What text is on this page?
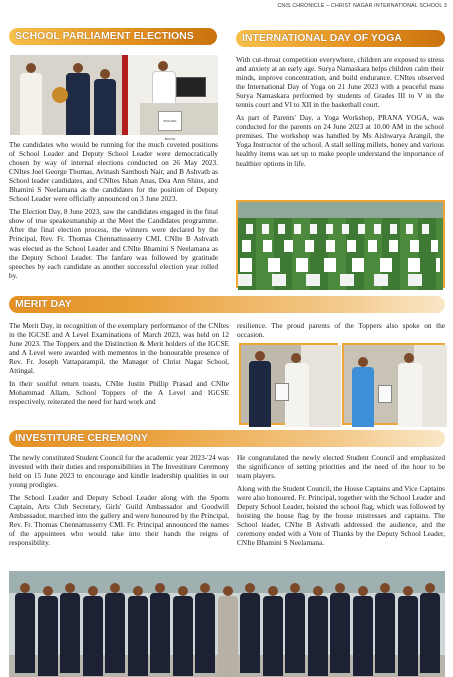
CNIS CHRONICLE – CHRIST NAGAR INTERNATIONAL SCHOOL 3
SCHOOL PARLIAMENT ELECTIONS
POLLING BOOTH

The candidates who would be running for the much coveted positions of School Leader and Deputy School Leader were democratically chosen by way of internal elections conducted on 26 May 2023. CNItes Joel George Thomas, Avinash Santhosh Nair, and B Ashvath as School leader candidates, and CNItes Ishan Anas, Dea Ann Shins, and Bhamini S Neelamana as the candidates for the position of Deputy School Leader were officially announced on 3 June 2023.

The Election Day, 8 June 2023, saw the candidates engaged in the final show of true speakesmanship at the Meet the Candidates programme. After the final election process, the winners were declared by the Principal, Rev. Fr. Thomas Chennattusserry CMI. CNIte B Ashvath was elected as the School Leader and CNIte Bhamini S Neelamana as the Deputy School Leader. The fanfare was followed by gratitude speeches by each candidate as another successful election year rolled by.

INTERNATIONAL DAY OF YOGA

With cut-throat competition everywhere, children are exposed to stress and anxiety at an early age. Surya Namaskara helps children calm their minds, improve concentration, and build endurance. CNItes observed the International Day of Yoga on 21 June 2023 with a peaceful mass Surya Namaskara performed by students of Grades III to V in the tennis court and VI to XII in the basketball court.

As part of Parents' Day, a Yoga Workshop, PRANA YOGA, was conducted for the parents on 24 June 2023 at 10.00 AM in the school premises. The workshop was handled by Ms Aishwarya Arangil, the Yoga Instructor of the school. A stall selling millets, honey and various healthy items was set up to make people understand the importance of healthier options in life.

MERIT DAY

The Merit Day, in recognition of the exemplary performance of the CNItes in the IGCSE and A Level Examinations of March 2023, was held on 12 June 2023. The Toppers and the Distinction & Merit holders of the IGCSE and A Level were awarded with mementos in the honourable presence of Rev. Fr. Joseph Vattaparampil, the Manager of Christ Nagar School, Attingal.

In their soulful return toasts, CNIte Justin Phillip Prasad and CNIte Mohammad Allam, School Toppers of the A Level and IGCSE respectively, reiterated the need for hard work and

resilience. The proud parents of the Toppers also spoke on the occasion.

INVESTITURE CEREMONY

The newly constituted Student Council for the academic year 2023-'24 was invested with their duties and responsibilities in The Investiture Ceremony held on 15 June 2023 to encourage and kindle leadership qualities in our young prodigies.

The School Leader and Deputy School Leader along with the Sports Captain, Arts Club Secretary, Girls' Guild Ambassador and Goodwill Ambassador, marched into the gallery and were honoured by the Principal, Rev. Fr. Thomas Chennattusserry CMI. Fr. Principal announced the names of the appointees who would take into their hands the reigns of responsibility.

He congratulated the newly elected Student Council and emphasized the significance of setting priorities and the need of the hour to be team players.

Along with the Student Council, the House Captains and Vice Captains were also honoured. Fr. Principal, together with the School Leader and Deputy School Leader, hoisted the school flag, which was followed by hoisting the house flag by the house mistresses and captains. The School leader, CNIte B Ashvath addressed the audience, and the ceremony ended with a Vote of Thanks by the Deputy School Leader, CNIte Bhamini S Neelamana.
